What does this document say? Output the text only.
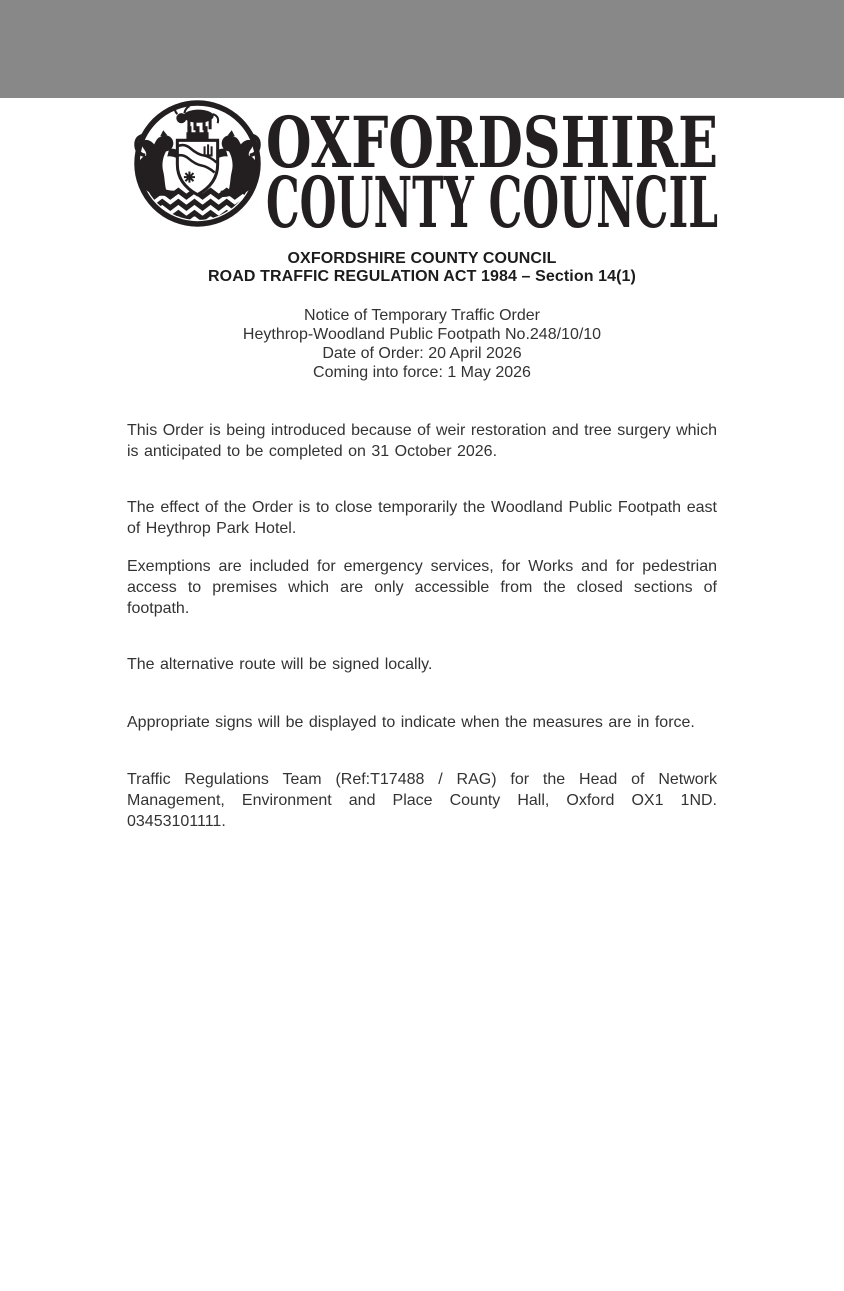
OXFORDSHIRE
COUNTY COUNCIL
OXFORDSHIRE COUNTY COUNCIL
ROAD TRAFFIC REGULATION ACT 1984 – Section 14(1)
Notice of Temporary Traffic Order
Heythrop-Woodland Public Footpath No.248/10/10
Date of Order: 20 April 2026
Coming into force: 1 May 2026

This Order is being introduced because of weir restoration and tree surgery which is anticipated to be completed on 31 October 2026.

The effect of the Order is to close temporarily the Woodland Public Footpath east of Heythrop Park Hotel.

Exemptions are included for emergency services, for Works and for pedestrian access to premises which are only accessible from the closed sections of footpath.

The alternative route will be signed locally.

Appropriate signs will be displayed to indicate when the measures are in force.

Traffic Regulations Team (Ref:T17488 / RAG) for the Head of Network Management, Environment and Place County Hall, Oxford OX1 1ND. 03453101111.
